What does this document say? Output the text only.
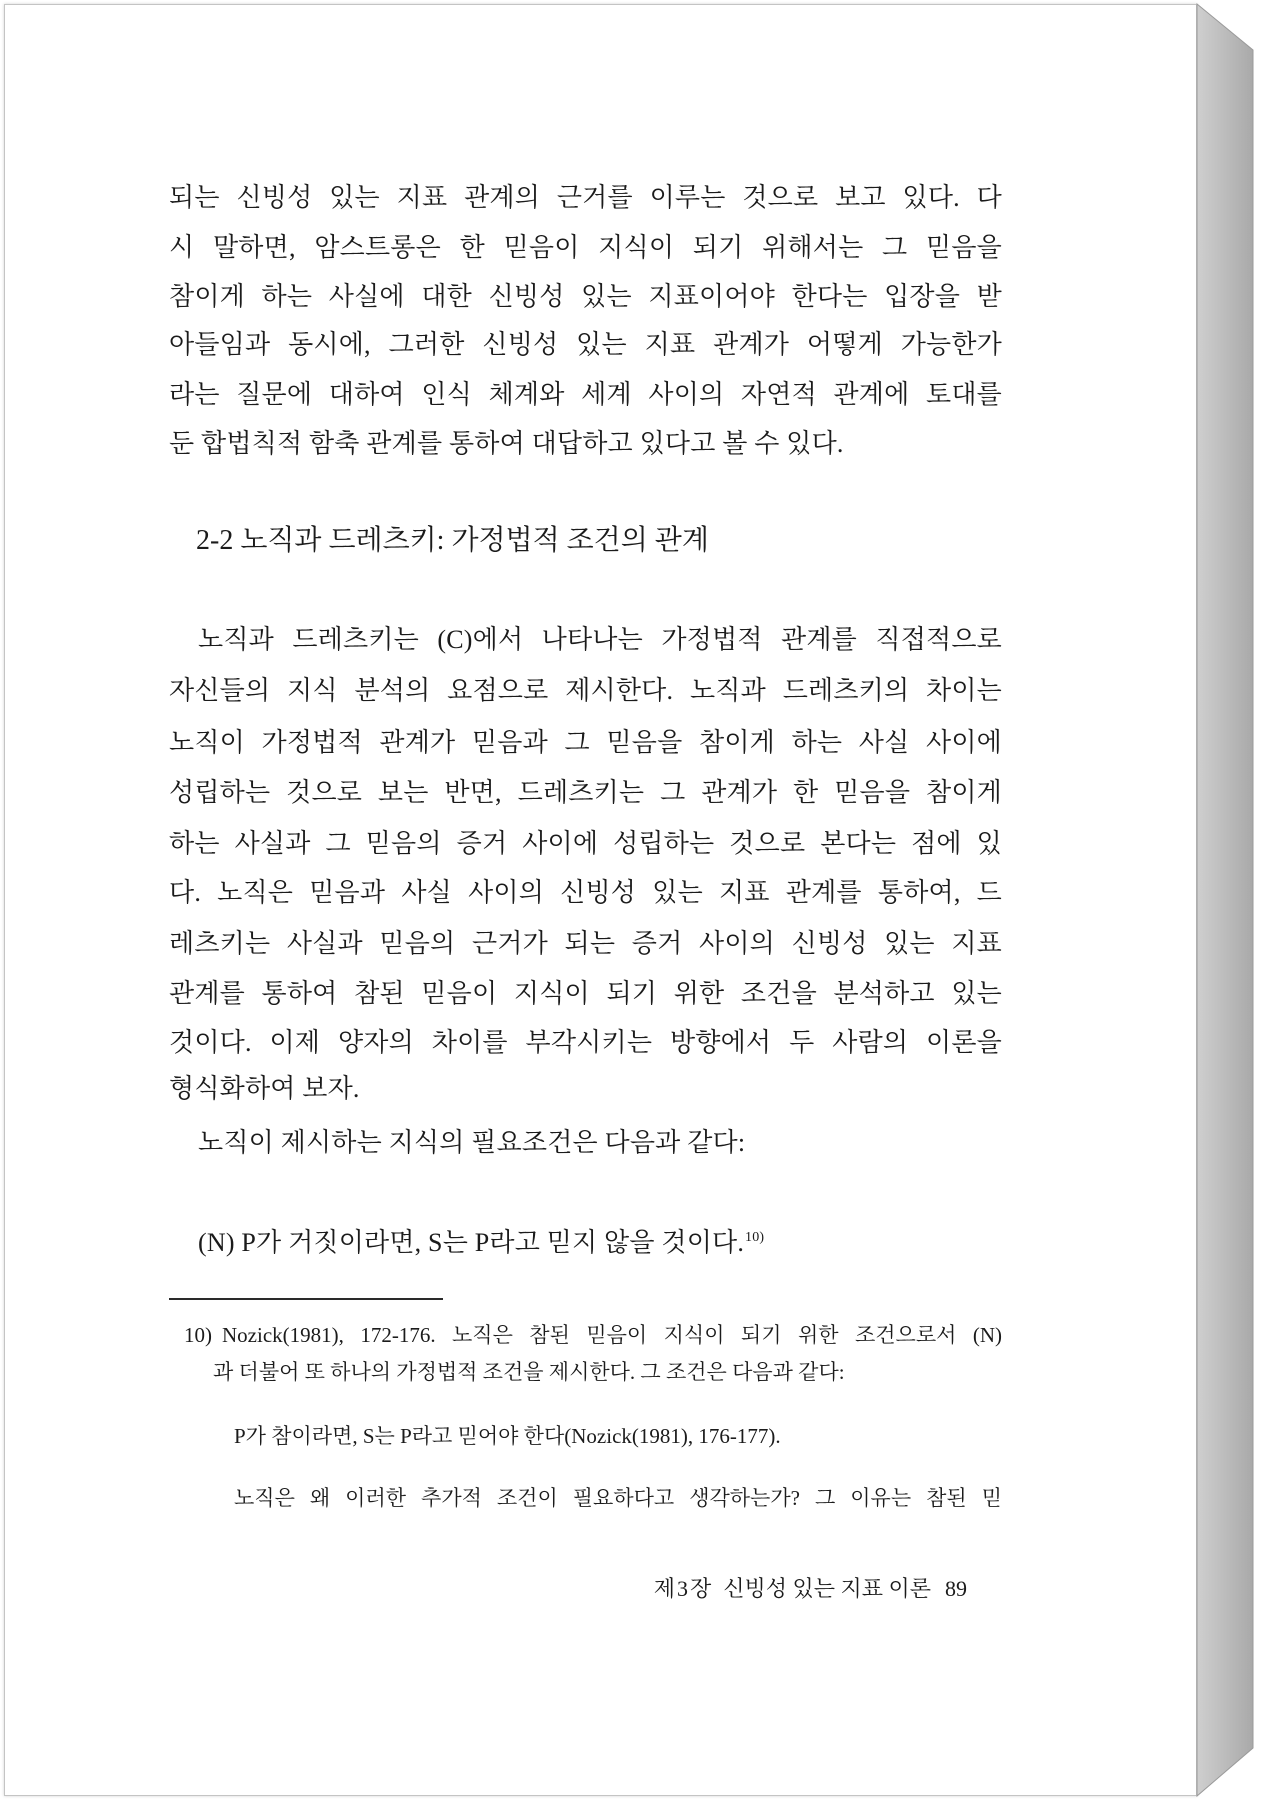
되는 신빙성 있는 지표 관계의 근거를 이루는 것으로 보고 있다. 다
시 말하면, 암스트롱은 한 믿음이 지식이 되기 위해서는 그 믿음을
참이게 하는 사실에 대한 신빙성 있는 지표이어야 한다는 입장을 받
아들임과 동시에, 그러한 신빙성 있는 지표 관계가 어떻게 가능한가
라는 질문에 대하여 인식 체계와 세계 사이의 자연적 관계에 토대를
둔 합법칙적 함축 관계를 통하여 대답하고 있다고 볼 수 있다.
2-2 노직과 드레츠키: 가정법적 조건의 관계
노직과 드레츠키는 (C)에서 나타나는 가정법적 관계를 직접적으로
자신들의 지식 분석의 요점으로 제시한다. 노직과 드레츠키의 차이는
노직이 가정법적 관계가 믿음과 그 믿음을 참이게 하는 사실 사이에
성립하는 것으로 보는 반면, 드레츠키는 그 관계가 한 믿음을 참이게
하는 사실과 그 믿음의 증거 사이에 성립하는 것으로 본다는 점에 있
다. 노직은 믿음과 사실 사이의 신빙성 있는 지표 관계를 통하여, 드
레츠키는 사실과 믿음의 근거가 되는 증거 사이의 신빙성 있는 지표
관계를 통하여 참된 믿음이 지식이 되기 위한 조건을 분석하고 있는
것이다. 이제 양자의 차이를 부각시키는 방향에서 두 사람의 이론을
형식화하여 보자.
노직이 제시하는 지식의 필요조건은 다음과 같다:
(N) P가 거짓이라면, S는 P라고 믿지 않을 것이다.$^{10)}$
10) Nozick(1981), 172-176. 노직은 참된 믿음이 지식이 되기 위한 조건으로서 (N)
과 더불어 또 하나의 가정법적 조건을 제시한다. 그 조건은 다음과 같다:
P가 참이라면, S는 P라고 믿어야 한다(Nozick(1981), 176-177).
노직은 왜 이러한 추가적 조건이 필요하다고 생각하는가? 그 이유는 참된 믿
제3장 신빙성 있는 지표 이론 89
